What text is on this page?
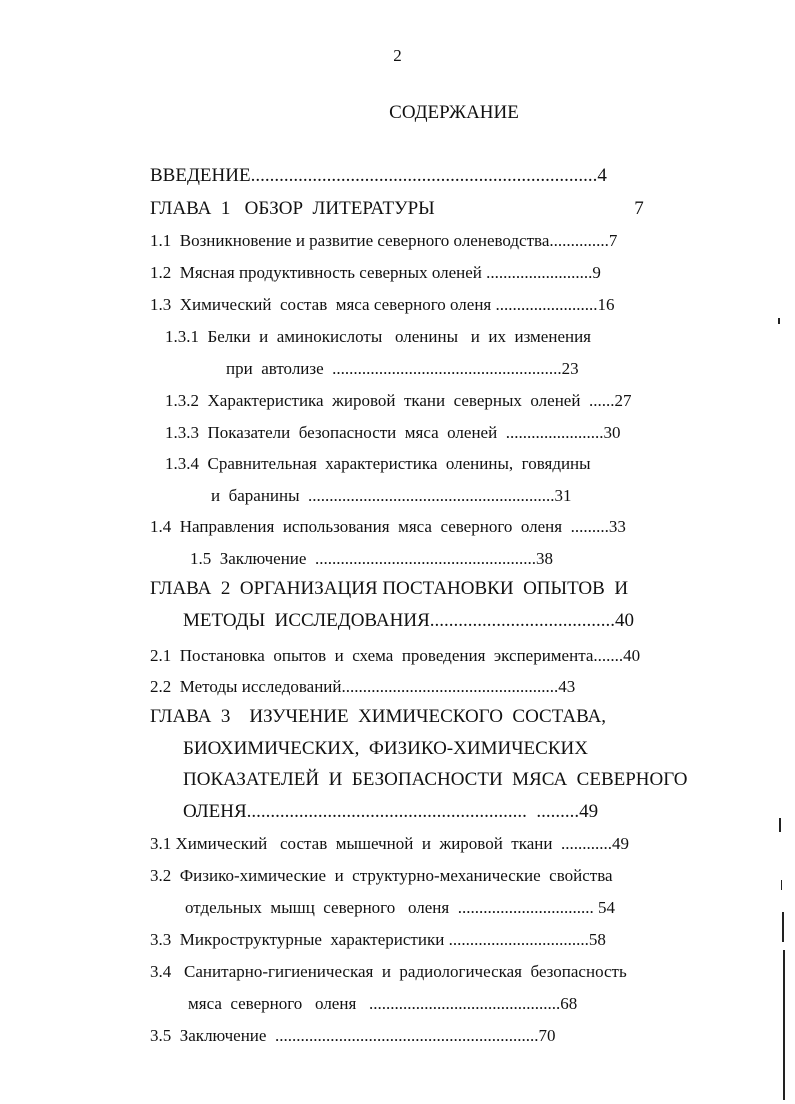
2
СОДЕРЖАНИЕ
ВВЕДЕНИЕ.........................................................................4
ГЛАВА  1   ОБЗОР  ЛИТЕРАТУРЫ                                          7
1.1  Возникновение и развитие северного оленеводства..............7
1.2  Мясная продуктивность северных оленей .........................9
1.3  Химический  состав  мяса северного оленя ........................16
1.3.1  Белки  и  аминокислоты   оленины   и  их  изменения
при  автолизе  ......................................................23
1.3.2  Характеристика  жировой  ткани  северных  оленей  ......27
1.3.3  Показатели  безопасности  мяса  оленей  .......................30
1.3.4  Сравнительная  характеристика  оленины,  говядины
и  баранины  ..........................................................31
1.4  Направления  использования  мяса  северного  оленя  .........33
1.5  Заключение  ....................................................38
ГЛАВА  2  ОРГАНИЗАЦИЯ ПОСТАНОВКИ  ОПЫТОВ  И
МЕТОДЫ  ИССЛЕДОВАНИЯ.......................................40
2.1  Постановка  опытов  и  схема  проведения  эксперимента.......40
2.2  Методы исследований...................................................43
ГЛАВА  3    ИЗУЧЕНИЕ  ХИМИЧЕСКОГО  СОСТАВА,
БИОХИМИЧЕСКИХ,  ФИЗИКО-ХИМИЧЕСКИХ
ПОКАЗАТЕЛЕЙ  И  БЕЗОПАСНОСТИ  МЯСА  СЕВЕРНОГО
ОЛЕНЯ...........................................................  .........49
3.1 Химический   состав  мышечной  и  жировой  ткани  ............49
3.2  Физико-химические  и  структурно-механические  свойства
отдельных  мышц  северного   оленя  ................................ 54
3.3  Микроструктурные  характеристики .................................58
3.4   Санитарно-гигиеническая  и  радиологическая  безопасность
мяса  северного   оленя   .............................................68
3.5  Заключение  ..............................................................70
